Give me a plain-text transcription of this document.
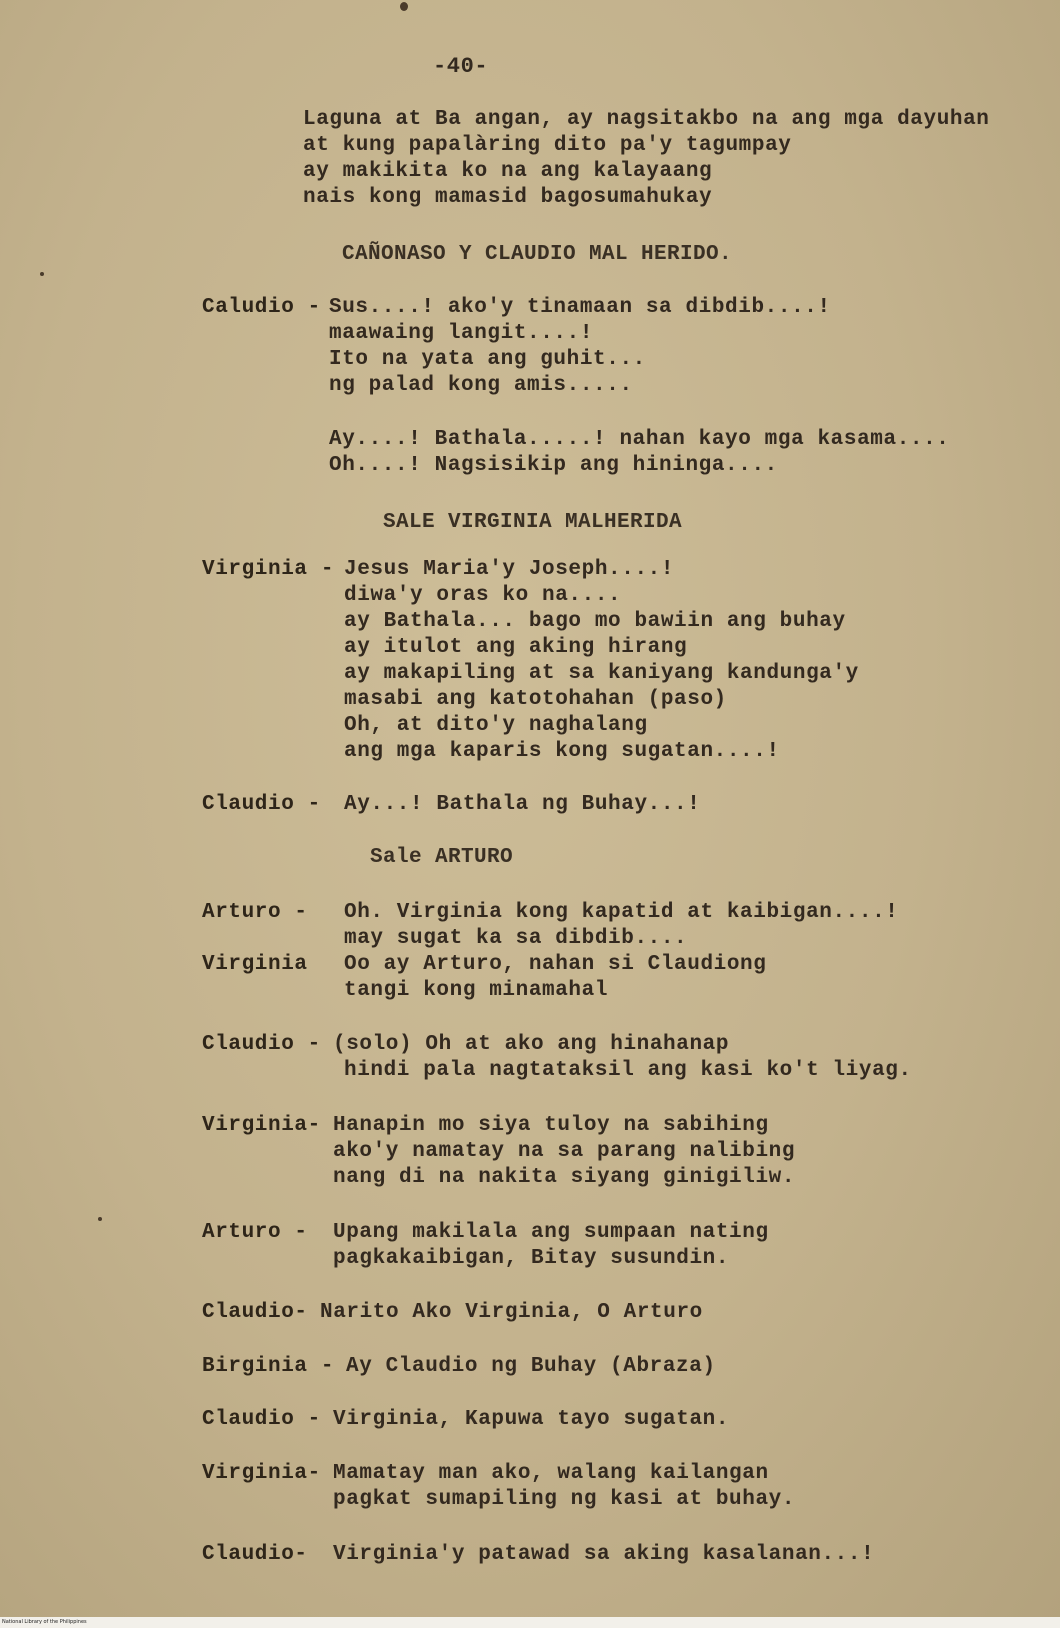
-40-
Laguna at Ba angan, ay nagsitakbo na ang mga dayuhan
at kung papalàring dito pa'y tagumpay
ay makikita ko na ang kalayaang
nais kong mamasid bagosumahukay
CAÑONASO Y CLAUDIO MAL HERIDO.
Caludio - Sus....! ako'y tinamaan sa dibdib....!
maawaing langit....!
Ito na yata ang guhit...
ng palad kong amis.....
Ay....! Bathala.....! nahan kayo mga kasama....
Oh....! Nagsisikip ang hininga....
SALE VIRGINIA MALHERIDA
Virginia - Jesus Maria'y Joseph....!
diwa'y oras ko na....
ay Bathala... bago mo bawiin ang buhay
ay itulot ang aking hirang
ay makapiling at sa kaniyang kandunga'y
masabi ang katotohahan (paso)
Oh, at dito'y naghalang
ang mga kaparis kong sugatan....!
Claudio - Ay...! Bathala ng Buhay...!
Sale ARTURO
Arturo - Oh. Virginia kong kapatid at kaibigan....!
may sugat ka sa dibdib....
Virginia Oo ay Arturo, nahan si Claudiong
tangi kong minamahal
Claudio - (solo) Oh at ako ang hinahanap
hindi pala nagtataksil ang kasi ko't liyag.
Virginia- Hanapin mo siya tuloy na sabihing
ako'y namatay na sa parang nalibing
nang di na nakita siyang ginigiliw.
Arturo - Upang makilala ang sumpaan nating
pagkakaibigan, Bitay susundin.
Claudio- Narito Ako Virginia, O Arturo
Birginia - Ay Claudio ng Buhay (Abraza)
Claudio - Virginia, Kapuwa tayo sugatan.
Virginia- Mamatay man ako, walang kailangan
pagkat sumapiling ng kasi at buhay.
Claudio- Virginia'y patawad sa aking kasalanan...!
National Library of the Philippines
